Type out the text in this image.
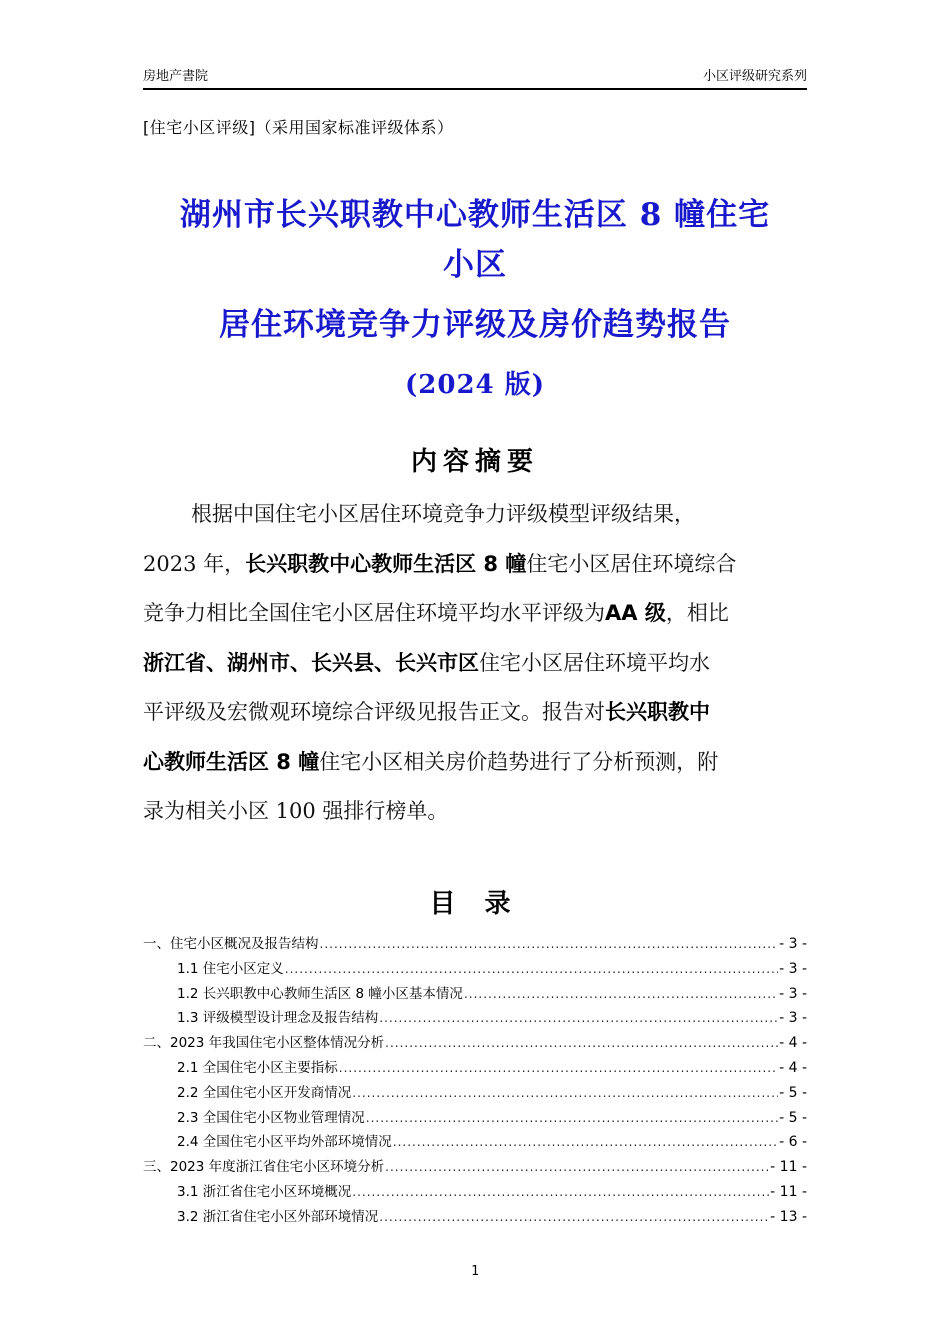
房地产書院	小区评级研究系列
[住宅小区评级]（采用国家标准评级体系）
湖州市长兴职教中心教师生活区 8 幢住宅
小区
居住环境竞争力评级及房价趋势报告
(2024 版)
内容摘要
根据中国住宅小区居住环境竞争力评级模型评级结果，
2023 年，长兴职教中心教师生活区 8 幢住宅小区居住环境综合
竞争力相比全国住宅小区居住环境平均水平评级为AA 级，相比
浙江省、湖州市、长兴县、长兴市区住宅小区居住环境平均水
平评级及宏微观环境综合评级见报告正文。报告对长兴职教中
心教师生活区 8 幢住宅小区相关房价趋势进行了分析预测，附
录为相关小区 100 强排行榜单。
目 录
一、住宅小区概况及报告结构 .....	- 3 -
1.1 住宅小区定义 .....	- 3 -
1.2 长兴职教中心教师生活区 8 幢小区基本情况 .....	- 3 -
1.3 评级模型设计理念及报告结构 .....	- 3 -
二、2023 年我国住宅小区整体情况分析 .....	- 4 -
2.1 全国住宅小区主要指标 .....	- 4 -
2.2 全国住宅小区开发商情况 .....	- 5 -
2.3 全国住宅小区物业管理情况 .....	- 5 -
2.4 全国住宅小区平均外部环境情况 .....	- 6 -
三、2023 年度浙江省住宅小区环境分析 .....	- 11 -
3.1 浙江省住宅小区环境概况 .....	- 11 -
3.2 浙江省住宅小区外部环境情况 .....	- 13 -
1
